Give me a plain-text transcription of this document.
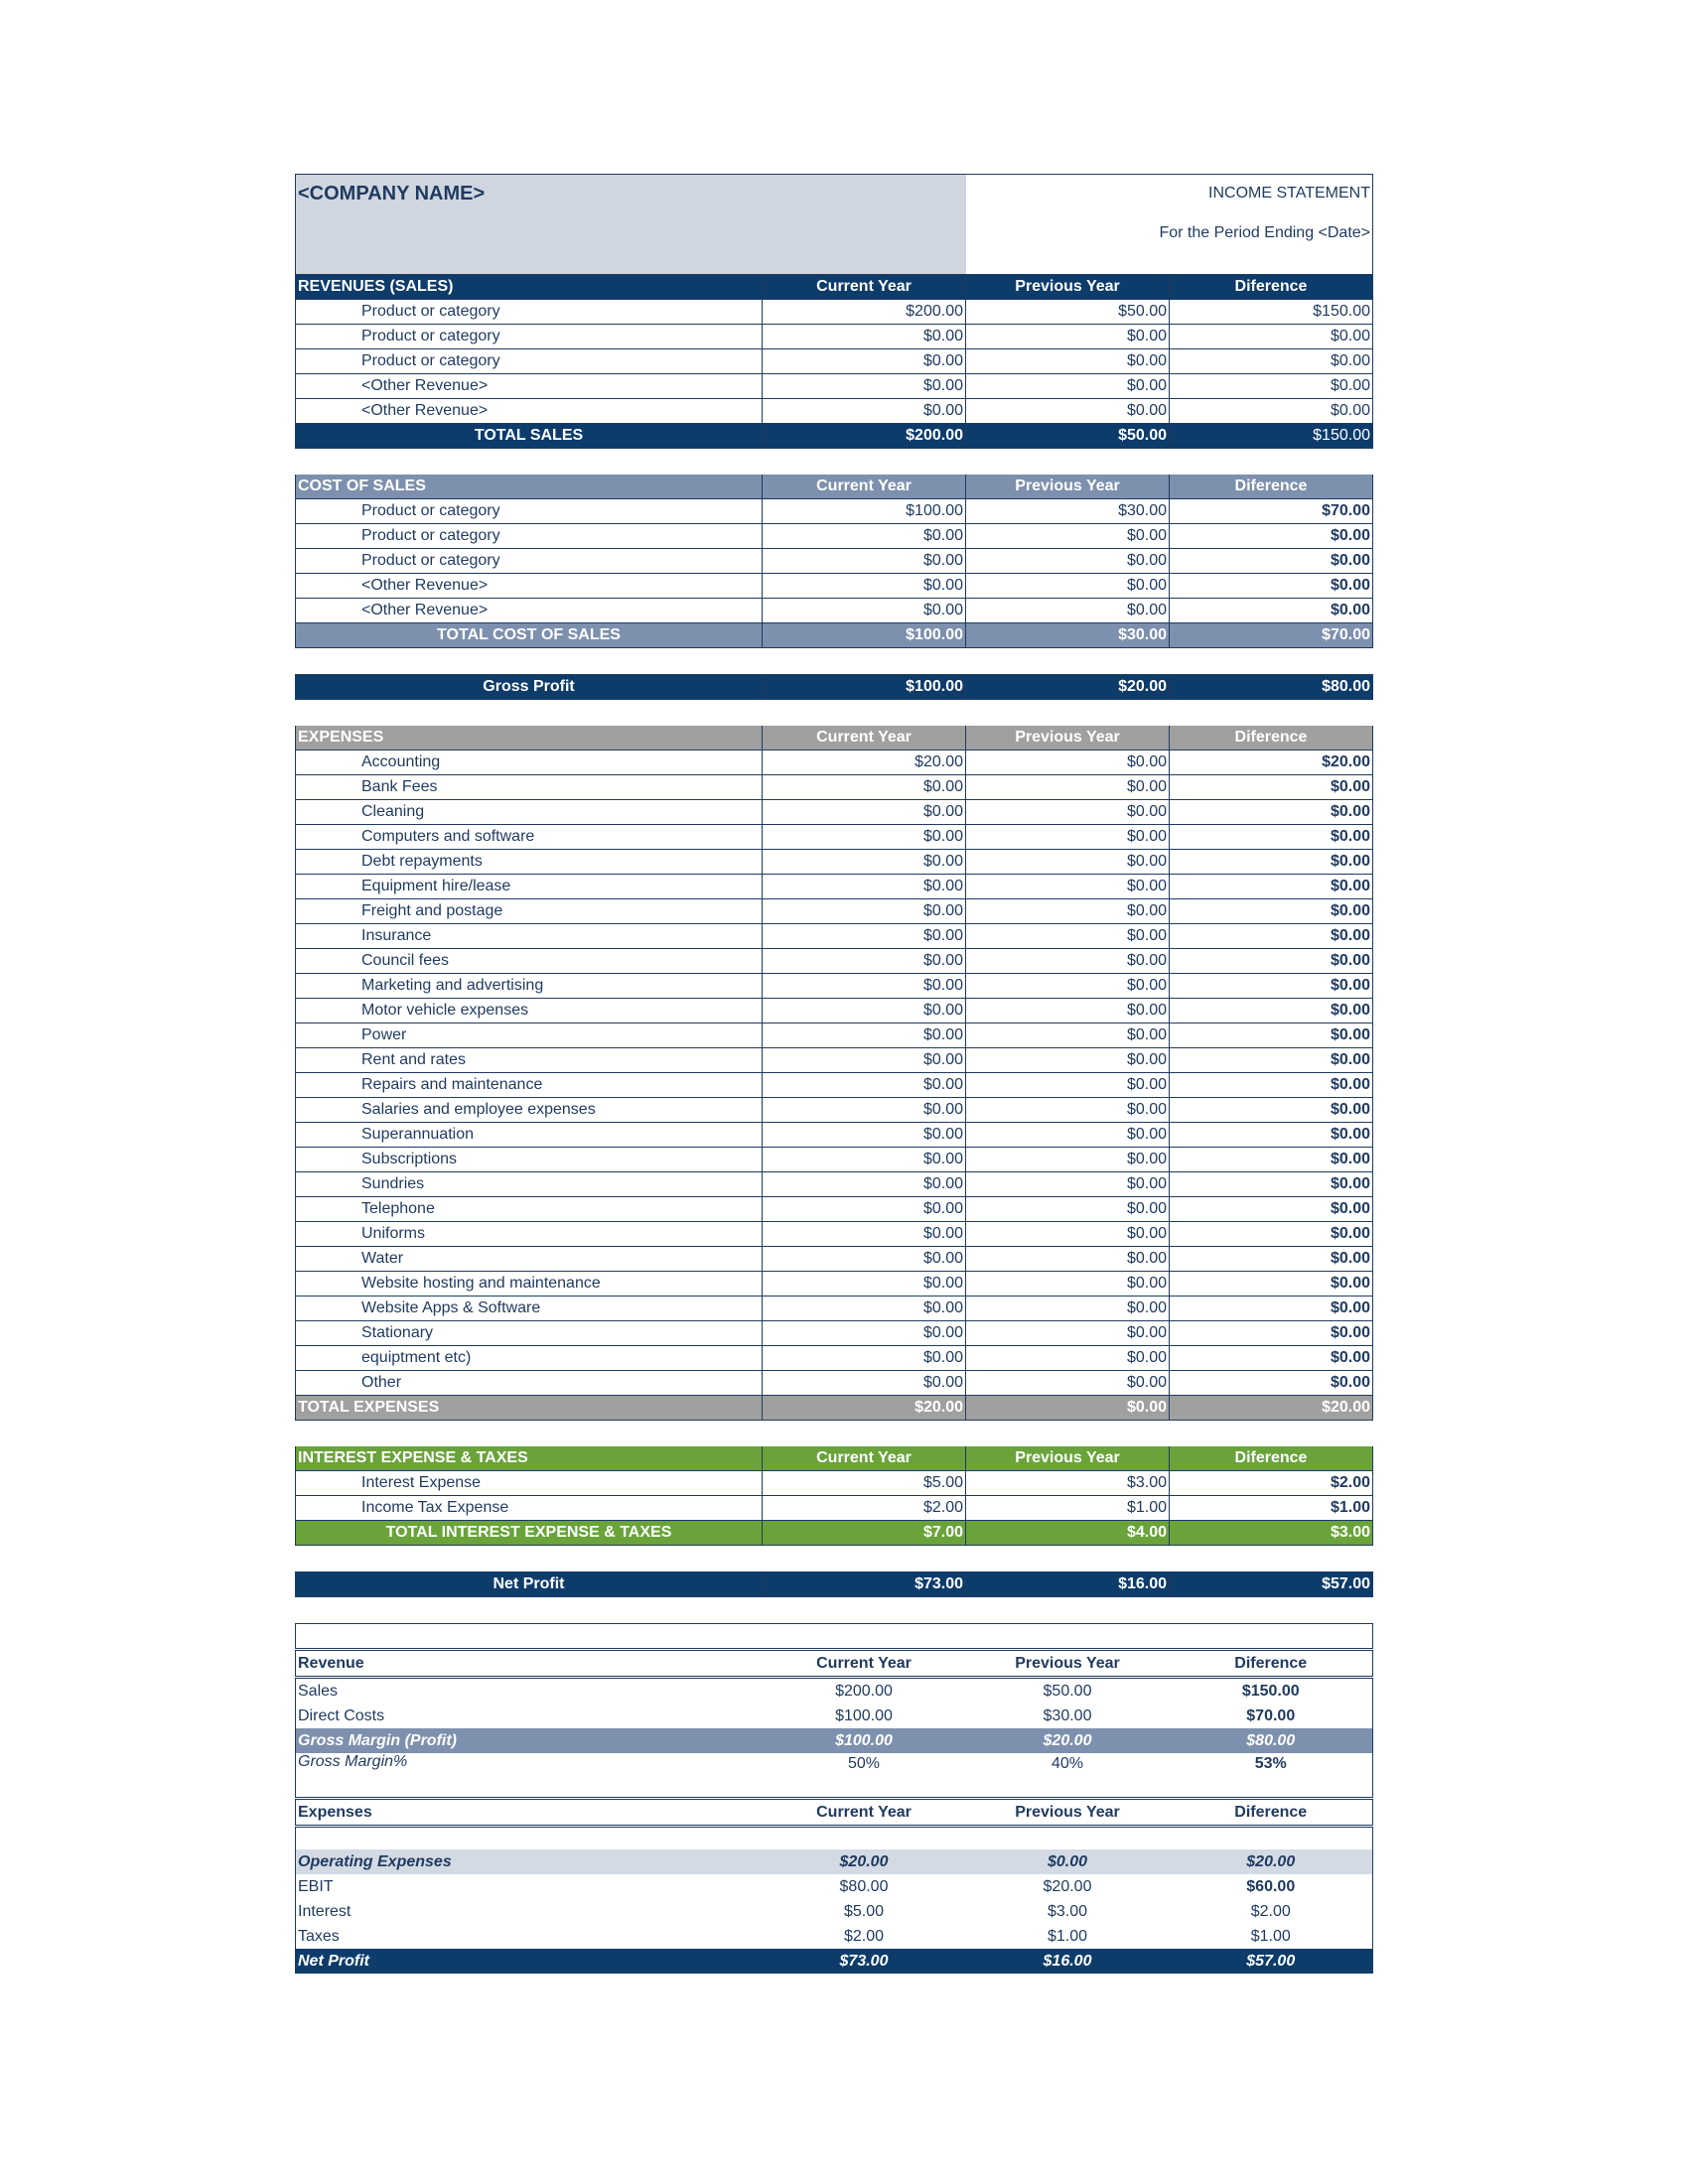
<COMPANY NAME>	INCOME STATEMENT
For the Period Ending <Date>
REVENUES (SALES)	Current Year	Previous Year	Diference
Product or category	$200.00	$50.00	$150.00
Product or category	$0.00	$0.00	$0.00
Product or category	$0.00	$0.00	$0.00
<Other Revenue>	$0.00	$0.00	$0.00
<Other Revenue>	$0.00	$0.00	$0.00
TOTAL SALES	$200.00	$50.00	$150.00
COST OF SALES	Current Year	Previous Year	Diference
Product or category	$100.00	$30.00	$70.00
Product or category	$0.00	$0.00	$0.00
Product or category	$0.00	$0.00	$0.00
<Other Revenue>	$0.00	$0.00	$0.00
<Other Revenue>	$0.00	$0.00	$0.00
TOTAL COST OF SALES	$100.00	$30.00	$70.00
Gross Profit	$100.00	$20.00	$80.00
EXPENSES	Current Year	Previous Year	Diference
Accounting	$20.00	$0.00	$20.00
Bank Fees	$0.00	$0.00	$0.00
Cleaning	$0.00	$0.00	$0.00
Computers and software	$0.00	$0.00	$0.00
Debt repayments	$0.00	$0.00	$0.00
Equipment hire/lease	$0.00	$0.00	$0.00
Freight and postage	$0.00	$0.00	$0.00
Insurance	$0.00	$0.00	$0.00
Council fees	$0.00	$0.00	$0.00
Marketing and advertising	$0.00	$0.00	$0.00
Motor vehicle expenses	$0.00	$0.00	$0.00
Power	$0.00	$0.00	$0.00
Rent and rates	$0.00	$0.00	$0.00
Repairs and maintenance	$0.00	$0.00	$0.00
Salaries and employee expenses	$0.00	$0.00	$0.00
Superannuation	$0.00	$0.00	$0.00
Subscriptions	$0.00	$0.00	$0.00
Sundries	$0.00	$0.00	$0.00
Telephone	$0.00	$0.00	$0.00
Uniforms	$0.00	$0.00	$0.00
Water	$0.00	$0.00	$0.00
Website hosting and maintenance	$0.00	$0.00	$0.00
Website Apps & Software	$0.00	$0.00	$0.00
Stationary	$0.00	$0.00	$0.00
equiptment etc)	$0.00	$0.00	$0.00
Other	$0.00	$0.00	$0.00
TOTAL EXPENSES	$20.00	$0.00	$20.00
INTEREST EXPENSE & TAXES	Current Year	Previous Year	Diference
Interest Expense	$5.00	$3.00	$2.00
Income Tax Expense	$2.00	$1.00	$1.00
TOTAL INTEREST EXPENSE & TAXES	$7.00	$4.00	$3.00
Net Profit	$73.00	$16.00	$57.00

Revenue	Current Year	Previous Year	Diference
Sales	$200.00	$50.00	$150.00
Direct Costs	$100.00	$30.00	$70.00
Gross Margin (Profit)	$100.00	$20.00	$80.00
Gross Margin%	50%	40%	53%
Expenses	Current Year	Previous Year	Diference

Operating Expenses	$20.00	$0.00	$20.00
EBIT	$80.00	$20.00	$60.00
Interest	$5.00	$3.00	$2.00
Taxes	$2.00	$1.00	$1.00
Net Profit	$73.00	$16.00	$57.00
